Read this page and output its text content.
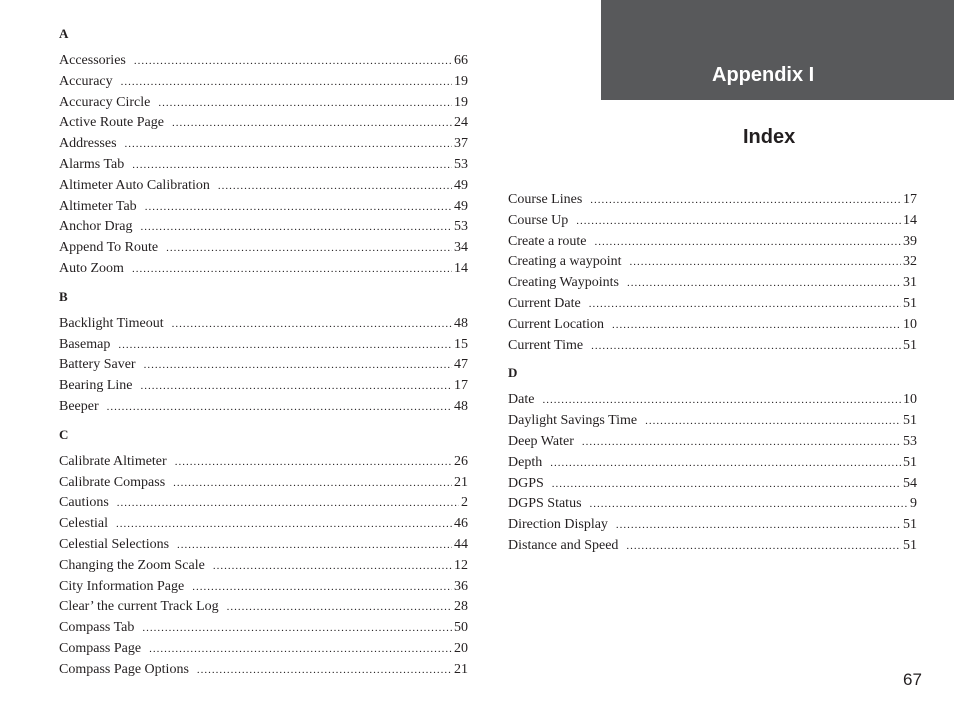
Appendix I
Index
A
Accessories .....	66
Accuracy .....	19
Accuracy Circle .....	19
Active Route Page .....	24
Addresses .....	37
Alarms Tab .....	53
Altimeter Auto Calibration .....	49
Altimeter Tab .....	49
Anchor Drag .....	53
Append To Route .....	34
Auto Zoom .....	14
B
Backlight Timeout .....	48
Basemap .....	15
Battery Saver .....	47
Bearing Line .....	17
Beeper .....	48
C
Calibrate Altimeter .....	26
Calibrate Compass .....	21
Cautions .....	2
Celestial .....	46
Celestial Selections .....	44
Changing the Zoom Scale .....	12
City Information Page .....	36
Clear’ the current Track Log .....	28
Compass Tab .....	50
Compass Page .....	20
Compass Page Options .....	21
Course Lines .....	17
Course Up .....	14
Create a route .....	39
Creating a waypoint .....	32
Creating Waypoints .....	31
Current Date .....	51
Current Location .....	10
Current Time .....	51
D
Date .....	10
Daylight Savings Time .....	51
Deep Water .....	53
Depth .....	51
DGPS .....	54
DGPS Status .....	9
Direction Display .....	51
Distance and Speed .....	51
67
